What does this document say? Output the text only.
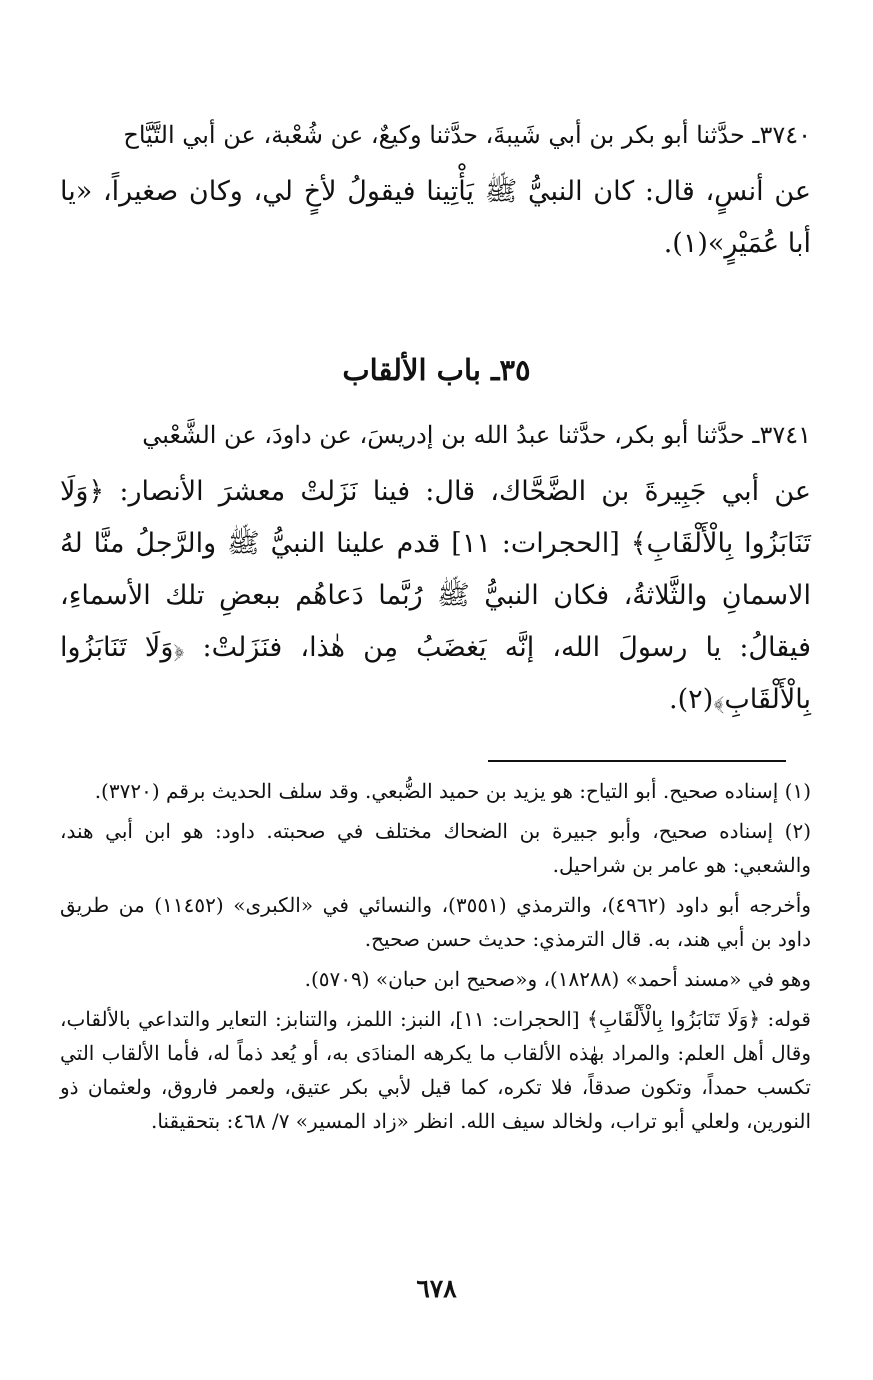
٣٧٤٠ـ حدَّثنا أبو بكر بن أبي شَيبةَ، حدَّثنا وكيعٌ، عن شُعْبة، عن أبي التَّيَّاح

عن أنسٍ، قال: كان النبيُّ ﷺ يَأْتِينا فيقولُ لأخٍ لي، وكان صغيراً، «يا أبا عُمَيْرٍ»(١).

٣٥ـ باب الألقاب

٣٧٤١ـ حدَّثنا أبو بكر، حدَّثنا عبدُ الله بن إدريسَ، عن داودَ، عن الشَّعْبي

عن أبي جَبِيرةَ بن الضَّحَّاك، قال: فينا نَزَلتْ معشرَ الأنصار: ﴿وَلَا تَنَابَزُوا بِالْأَلْقَابِ﴾ [الحجرات: ١١] قدم علينا النبيُّ ﷺ والرَّجلُ منَّا لهُ الاسمانِ والثَّلاثةُ، فكان النبيُّ ﷺ رُبَّما دَعاهُم ببعضِ تلك الأسماءِ، فيقالُ: يا رسولَ الله، إنَّه يَغضَبُ مِن هٰذا، فنَزَلتْ: ﴿وَلَا تَنَابَزُوا بِالْأَلْقَابِ﴾(٢).

(١) إسناده صحيح. أبو التياح: هو يزيد بن حميد الضُّبعي. وقد سلف الحديث برقم (٣٧٢٠).

(٢) إسناده صحيح، وأبو جبيرة بن الضحاك مختلف في صحبته. داود: هو ابن أبي هند، والشعبي: هو عامر بن شراحيل.

وأخرجه أبو داود (٤٩٦٢)، والترمذي (٣٥٥١)، والنسائي في «الكبرى» (١١٤٥٢) من طريق داود بن أبي هند، به. قال الترمذي: حديث حسن صحيح.

وهو في «مسند أحمد» (١٨٢٨٨)، و«صحيح ابن حبان» (٥٧٠٩).

قوله: ﴿وَلَا تَنَابَزُوا بِالْأَلْقَابِ﴾ [الحجرات: ١١]، النبز: اللمز، والتنابز: التعاير والتداعي بالألقاب، وقال أهل العلم: والمراد بهٰذه الألقاب ما يكرهه المنادَى به، أو يُعد ذماً له، فأما الألقاب التي تكسب حمداً، وتكون صدقاً، فلا تكره، كما قيل لأبي بكر عتيق، ولعمر فاروق، ولعثمان ذو النورين، ولعلي أبو تراب، ولخالد سيف الله. انظر «زاد المسير» ٧/ ٤٦٨: بتحقيقنا.

٦٧٨
